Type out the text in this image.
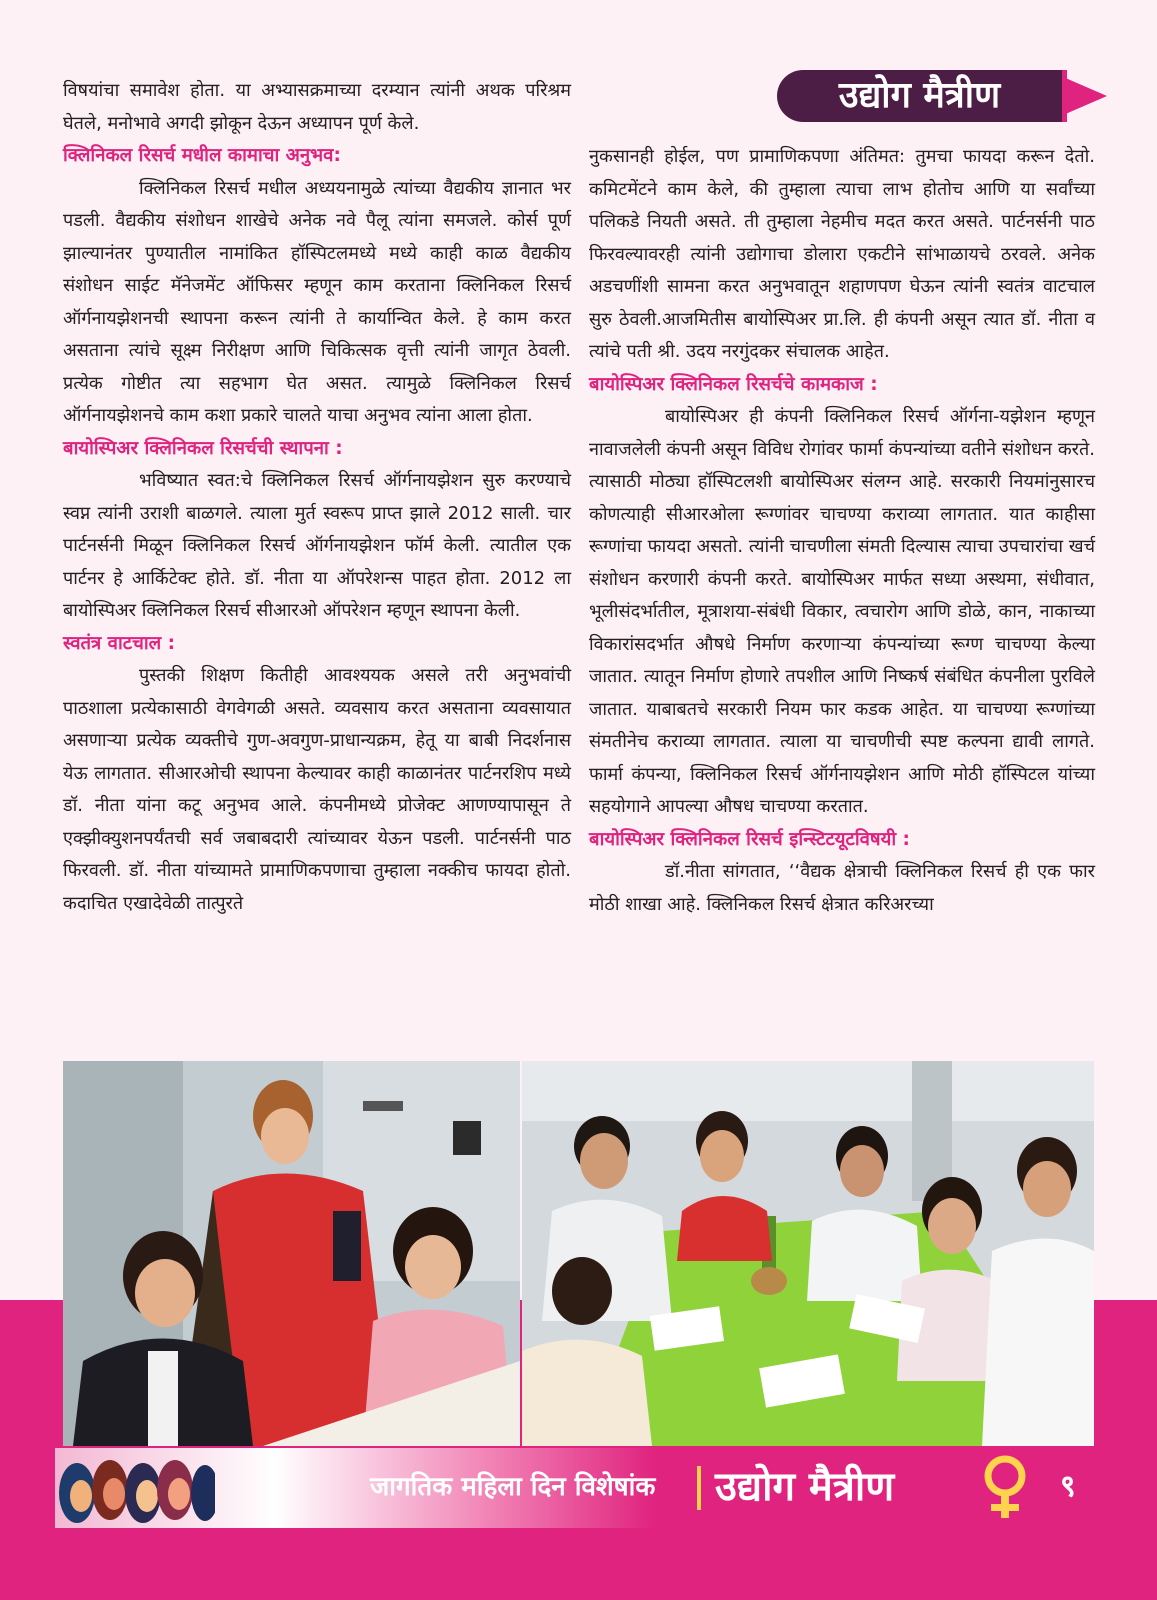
उद्योग मैत्रीण

विषयांचा समावेश होता. या अभ्यासक्रमाच्या दरम्यान त्यांनी अथक परिश्रम घेतले, मनोभावे अगदी झोकून देऊन अध्यापन पूर्ण केले.

क्लिनिकल रिसर्च मधील कामाचा अनुभव:

क्लिनिकल रिसर्च मधील अध्ययनामुळे त्यांच्या वैद्यकीय ज्ञानात भर पडली. वैद्यकीय संशोधन शाखेचे अनेक नवे पैलू त्यांना समजले. कोर्स पूर्ण झाल्यानंतर पुण्यातील नामांकित हॉस्पिटलमध्ये मध्ये काही काळ वैद्यकीय संशोधन साईट मॅनेजमेंट ऑफिसर म्हणून काम करताना क्लिनिकल रिसर्च ऑर्गनायझेशनची स्थापना करून त्यांनी ते कार्यान्वित केले. हे काम करत असताना त्यांचे सूक्ष्म निरीक्षण आणि चिकित्सक वृत्ती त्यांनी जागृत ठेवली. प्रत्येक गोष्टीत त्या सहभाग घेत असत. त्यामुळे क्लिनिकल रिसर्च ऑर्गनायझेशनचे काम कशा प्रकारे चालते याचा अनुभव त्यांना आला होता.

बायोस्पिअर क्लिनिकल रिसर्चची स्थापना :

भविष्यात स्वत:चे क्लिनिकल रिसर्च ऑर्गनायझेशन सुरु करण्याचे स्वप्न त्यांनी उराशी बाळगले. त्याला मुर्त स्वरूप प्राप्त झाले 2012 साली. चार पार्टनर्सनी मिळून क्लिनिकल रिसर्च ऑर्गनायझेशन फॉर्म केली. त्यातील एक पार्टनर हे आर्किटेक्ट होते. डॉ. नीता या ऑपरेशन्स पाहत होता. 2012 ला बायोस्पिअर क्लिनिकल रिसर्च सीआरओ ऑपरेशन म्हणून स्थापना केली.

स्वतंत्र वाटचाल :

पुस्तकी शिक्षण कितीही आवश्ययक असले तरी अनुभवांची पाठशाला प्रत्येकासाठी वेगवेगळी असते. व्यवसाय करत असताना व्यवसायात असणाऱ्या प्रत्येक व्यक्तीचे गुण-अवगुण-प्राधान्यक्रम, हेतू या बाबी निदर्शनास येऊ लागतात. सीआरओची स्थापना केल्यावर काही काळानंतर पार्टनरशिप मध्ये डॉ. नीता यांना कटू अनुभव आले. कंपनीमध्ये प्रोजेक्ट आणण्यापासून ते एक्झीक्युशनपर्यंतची सर्व जबाबदारी त्यांच्यावर येऊन पडली. पार्टनर्सनी पाठ फिरवली. डॉ. नीता यांच्यामते प्रामाणिकपणाचा तुम्हाला नक्कीच फायदा होतो. कदाचित एखादेवेळी तात्पुरते

नुकसानही होईल, पण प्रामाणिकपणा अंतिमत: तुमचा फायदा करून देतो. कमिटमेंटने काम केले, की तुम्हाला त्याचा लाभ होतोच आणि या सर्वांच्या पलिकडे नियती असते. ती तुम्हाला नेहमीच मदत करत असते. पार्टनर्सनी पाठ फिरवल्यावरही त्यांनी उद्योगाचा डोलारा एकटीने सांभाळायचे ठरवले. अनेक अडचणींशी सामना करत अनुभवातून शहाणपण घेऊन त्यांनी स्वतंत्र वाटचाल सुरु ठेवली.आजमितीस बायोस्पिअर प्रा.लि. ही कंपनी असून त्यात डॉ. नीता व त्यांचे पती श्री. उदय नरगुंदकर संचालक आहेत.

बायोस्पिअर क्लिनिकल रिसर्चचे कामकाज :

बायोस्पिअर ही कंपनी क्लिनिकल रिसर्च ऑर्गना-यझेशन म्हणून नावाजलेली कंपनी असून विविध रोगांवर फार्मा कंपन्यांच्या वतीने संशोधन करते. त्यासाठी मोठ्या हॉस्पिटलशी बायोस्पिअर संलग्न आहे. सरकारी नियमांनुसारच कोणत्याही सीआरओला रूग्णांवर चाचण्या कराव्या लागतात. यात काहीसा रूग्णांचा फायदा असतो. त्यांनी चाचणीला संमती दिल्यास त्याचा उपचारांचा खर्च संशोधन करणारी कंपनी करते. बायोस्पिअर मार्फत सध्या अस्थमा, संधीवात, भूलीसंदर्भातील, मूत्राशया-संबंधी विकार, त्वचारोग आणि डोळे, कान, नाकाच्या विकारांसदर्भात औषधे निर्माण करणाऱ्या कंपन्यांच्या रूग्ण चाचण्या केल्या जातात. त्यातून निर्माण होणारे तपशील आणि निष्कर्ष संबंधित कंपनीला पुरविले जातात. याबाबतचे सरकारी नियम फार कडक आहेत. या चाचण्या रूग्णांच्या संमतीनेच कराव्या लागतात. त्याला या चाचणीची स्पष्ट कल्पना द्यावी लागते. फार्मा कंपन्या, क्लिनिकल रिसर्च ऑर्गनायझेशन आणि मोठी हॉस्पिटल यांच्या सहयोगाने आपल्या औषध चाचण्या करतात.

बायोस्पिअर क्लिनिकल रिसर्च इन्स्टिटयूटविषयी :

डॉ.नीता सांगतात, ‘‘वैद्यक क्षेत्राची क्लिनिकल रिसर्च ही एक फार मोठी शाखा आहे. क्लिनिकल रिसर्च क्षेत्रात करिअरच्या

जागतिक महिला दिन विशेषांक उद्योग मैत्रीण	९
